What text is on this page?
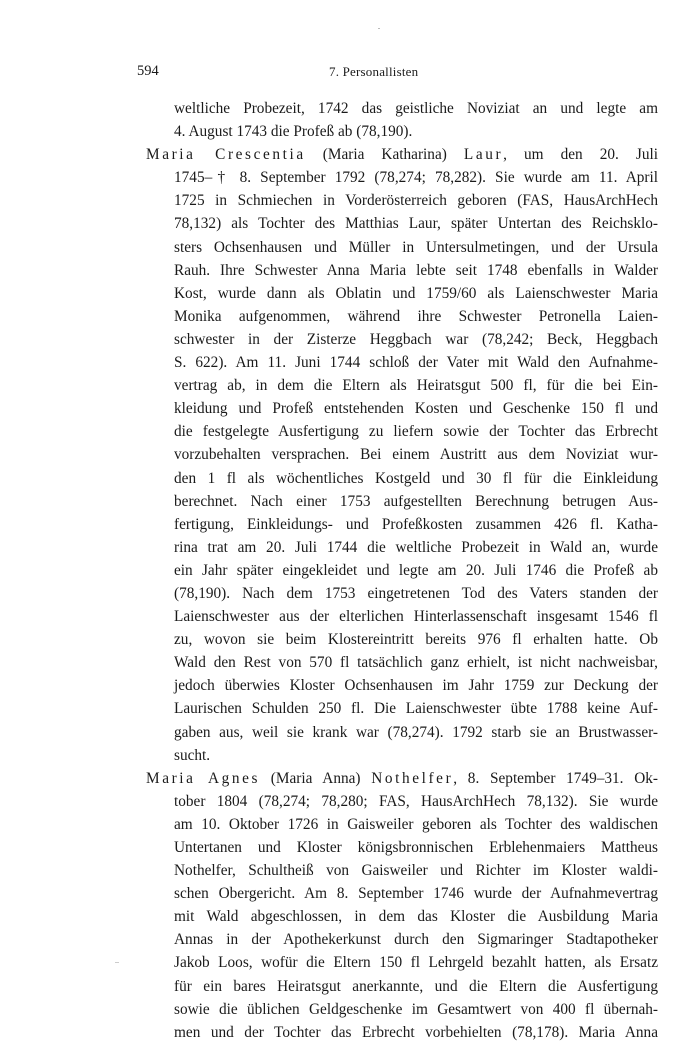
594	7. Personallisten
weltliche Probezeit, 1742 das geistliche Noviziat an und legte am
4. August 1743 die Profeß ab (78,190).
Maria Crescentia (Maria Katharina) Laur, um den 20. Juli
1745–† 8. September 1792 (78,274; 78,282). Sie wurde am 11. April
1725 in Schmiechen in Vorderösterreich geboren (FAS, HausArchHech
78,132) als Tochter des Matthias Laur, später Untertan des Reichsklo-
sters Ochsenhausen und Müller in Untersulmetingen, und der Ursula
Rauh. Ihre Schwester Anna Maria lebte seit 1748 ebenfalls in Walder
Kost, wurde dann als Oblatin und 1759/60 als Laienschwester Maria
Monika aufgenommen, während ihre Schwester Petronella Laien-
schwester in der Zisterze Heggbach war (78,242; Beck, Heggbach
S. 622). Am 11. Juni 1744 schloß der Vater mit Wald den Aufnahme-
vertrag ab, in dem die Eltern als Heiratsgut 500 fl, für die bei Ein-
kleidung und Profeß entstehenden Kosten und Geschenke 150 fl und
die festgelegte Ausfertigung zu liefern sowie der Tochter das Erbrecht
vorzubehalten versprachen. Bei einem Austritt aus dem Noviziat wur-
den 1 fl als wöchentliches Kostgeld und 30 fl für die Einkleidung
berechnet. Nach einer 1753 aufgestellten Berechnung betrugen Aus-
fertigung, Einkleidungs- und Profeßkosten zusammen 426 fl. Katha-
rina trat am 20. Juli 1744 die weltliche Probezeit in Wald an, wurde
ein Jahr später eingekleidet und legte am 20. Juli 1746 die Profeß ab
(78,190). Nach dem 1753 eingetretenen Tod des Vaters standen der
Laienschwester aus der elterlichen Hinterlassenschaft insgesamt 1546 fl
zu, wovon sie beim Klostereintritt bereits 976 fl erhalten hatte. Ob
Wald den Rest von 570 fl tatsächlich ganz erhielt, ist nicht nachweisbar,
jedoch überwies Kloster Ochsenhausen im Jahr 1759 zur Deckung der
Laurischen Schulden 250 fl. Die Laienschwester übte 1788 keine Auf-
gaben aus, weil sie krank war (78,274). 1792 starb sie an Brustwasser-
sucht.
Maria Agnes (Maria Anna) Nothelfer, 8. September 1749–31. Ok-
tober 1804 (78,274; 78,280; FAS, HausArchHech 78,132). Sie wurde
am 10. Oktober 1726 in Gaisweiler geboren als Tochter des waldischen
Untertanen und Kloster königsbronnischen Erblehenmaiers Mattheus
Nothelfer, Schultheiß von Gaisweiler und Richter im Kloster waldi-
schen Obergericht. Am 8. September 1746 wurde der Aufnahmevertrag
mit Wald abgeschlossen, in dem das Kloster die Ausbildung Maria
Annas in der Apothekerkunst durch den Sigmaringer Stadtapotheker
Jakob Loos, wofür die Eltern 150 fl Lehrgeld bezahlt hatten, als Ersatz
für ein bares Heiratsgut anerkannte, und die Eltern die Ausfertigung
sowie die üblichen Geldgeschenke im Gesamtwert von 400 fl übernah-
men und der Tochter das Erbrecht vorbehielten (78,178). Maria Anna
